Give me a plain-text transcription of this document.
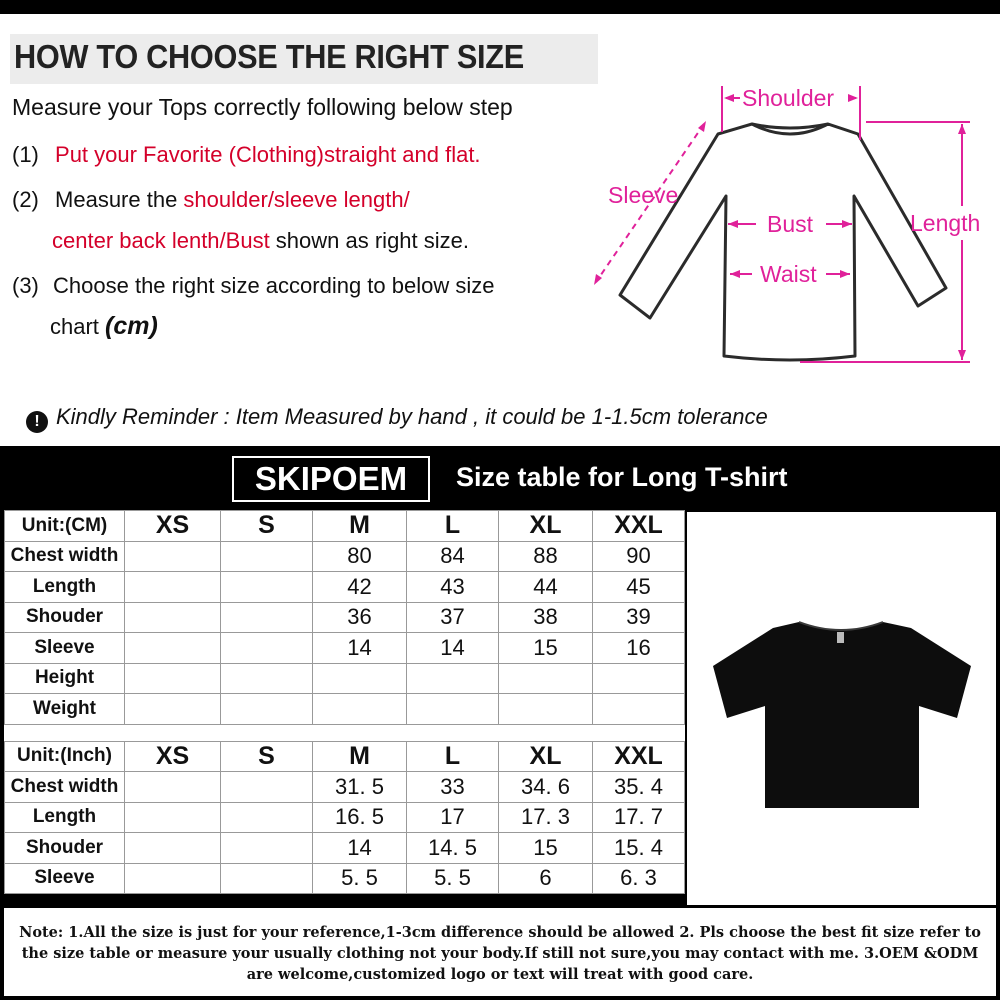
HOW TO CHOOSE THE RIGHT SIZE
Measure your Tops correctly following below step
(1) Put your Favorite (Clothing)straight and flat.
(2) Measure the shoulder/sleeve length/
center back lenth/Bust shown as right size.
(3) Choose the right size according to below size
chart (cm)
Shoulder
Sleeve
Bust
Waist
Length
! Kindly Reminder : Item Measured by hand , it could be 1-1.5cm tolerance
SKIPOEM	Size table for Long T-shirt
Unit:(CM)	XS	S	M	L	XL	XXL
Chest width			80	84	88	90
Length			42	43	44	45
Shouder			36	37	38	39
Sleeve			14	14	15	16
Height						
Weight						

Unit:(Inch)	XS	S	M	L	XL	XXL
Chest width			31. 5	33	34. 6	35. 4
Length			16. 5	17	17. 3	17. 7
Shouder			14	14. 5	15	15. 4
Sleeve			5. 5	5. 5	6	6. 3
Note: 1.All the size is just for your reference,1-3cm difference should be allowed 2. Pls choose the best fit size refer to the size table or measure your usually clothing not your body.If still not sure,you may contact with me. 3.OEM &ODM are welcome,customized logo or text will treat with good care.
